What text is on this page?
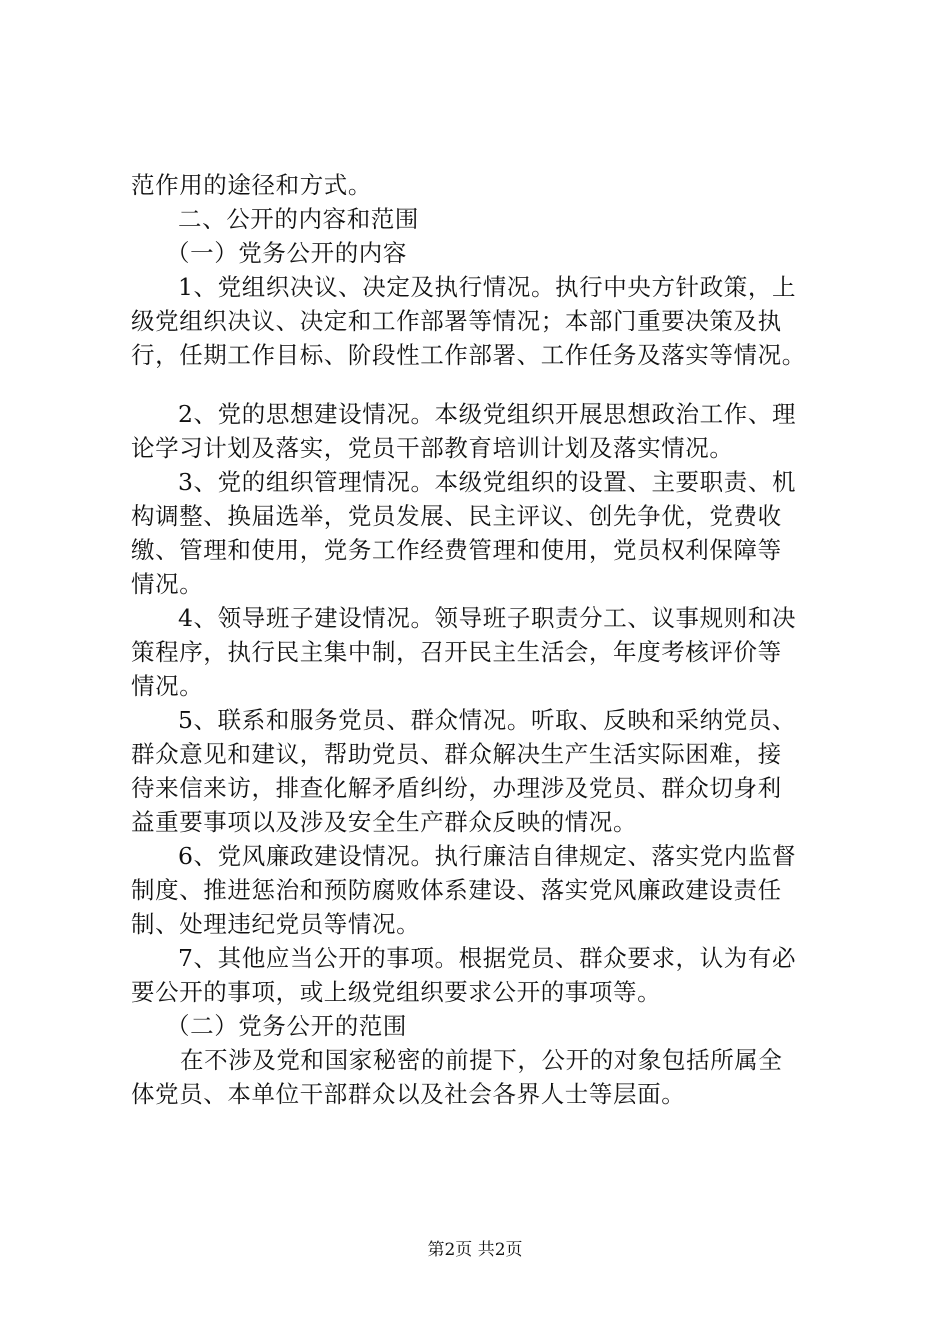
范作用的途径和方式。
二、公开的内容和范围
（一）党务公开的内容
1、党组织决议、决定及执行情况。执行中央方针政策，上
级党组织决议、决定和工作部署等情况；本部门重要决策及执
行，任期工作目标、阶段性工作部署、工作任务及落实等情况。
2、党的思想建设情况。本级党组织开展思想政治工作、理
论学习计划及落实，党员干部教育培训计划及落实情况。
3、党的组织管理情况。本级党组织的设置、主要职责、机
构调整、换届选举，党员发展、民主评议、创先争优，党费收
缴、管理和使用，党务工作经费管理和使用，党员权利保障等
情况。
4、领导班子建设情况。领导班子职责分工、议事规则和决
策程序，执行民主集中制，召开民主生活会，年度考核评价等
情况。
5、联系和服务党员、群众情况。听取、反映和采纳党员、
群众意见和建议，帮助党员、群众解决生产生活实际困难，接
待来信来访，排查化解矛盾纠纷，办理涉及党员、群众切身利
益重要事项以及涉及安全生产群众反映的情况。
6、党风廉政建设情况。执行廉洁自律规定、落实党内监督
制度、推进惩治和预防腐败体系建设、落实党风廉政建设责任
制、处理违纪党员等情况。
7、其他应当公开的事项。根据党员、群众要求，认为有必
要公开的事项，或上级党组织要求公开的事项等。
（二）党务公开的范围
在不涉及党和国家秘密的前提下，公开的对象包括所属全
体党员、本单位干部群众以及社会各界人士等层面。
第2页 共2页
